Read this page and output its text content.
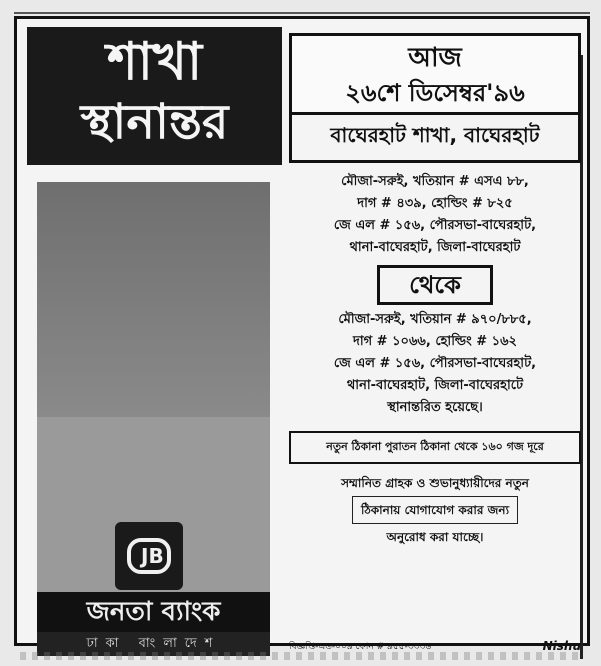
শাখা
স্থানান্তর
JB
জনতা ব্যাংক
ঢাকা বাংলাদেশ
আজ
২৬শে ডিসেম্বর'৯৬
বাঘেরহাট শাখা, বাঘেরহাট
মৌজা-সরুই, খতিয়ান # এসএ ৮৮,
দাগ # ৪৩৯, হোল্ডিং # ৮২৫
জে এল # ১৫৬, পৌরসভা-বাঘেরহাট,
থানা-বাঘেরহাট, জিলা-বাঘেরহাট
থেকে
মৌজা-সরুই, খতিয়ান # ৯৭০/৮৮৫,
দাগ # ১০৬৬, হোল্ডিং # ১৬২
জে এল # ১৫৬, পৌরসভা-বাঘেরহাট,
থানা-বাঘেরহাট, জিলা-বাঘেরহাটে
স্থানান্তরিত হয়েছে।
নতুন ঠিকানা পুরাতন ঠিকানা থেকে ১৬০ গজ দূরে
সম্মানিত গ্রাহক ও শুভানুধ্যায়ীদের নতুন
ঠিকানায় যোগাযোগ করার জন্য
অনুরোধ করা যাচ্ছে।
বিজ্ঞপ্তি-এড-০০৯ ফোন # ৯৫৫-৩৩৩৬	Nishu
